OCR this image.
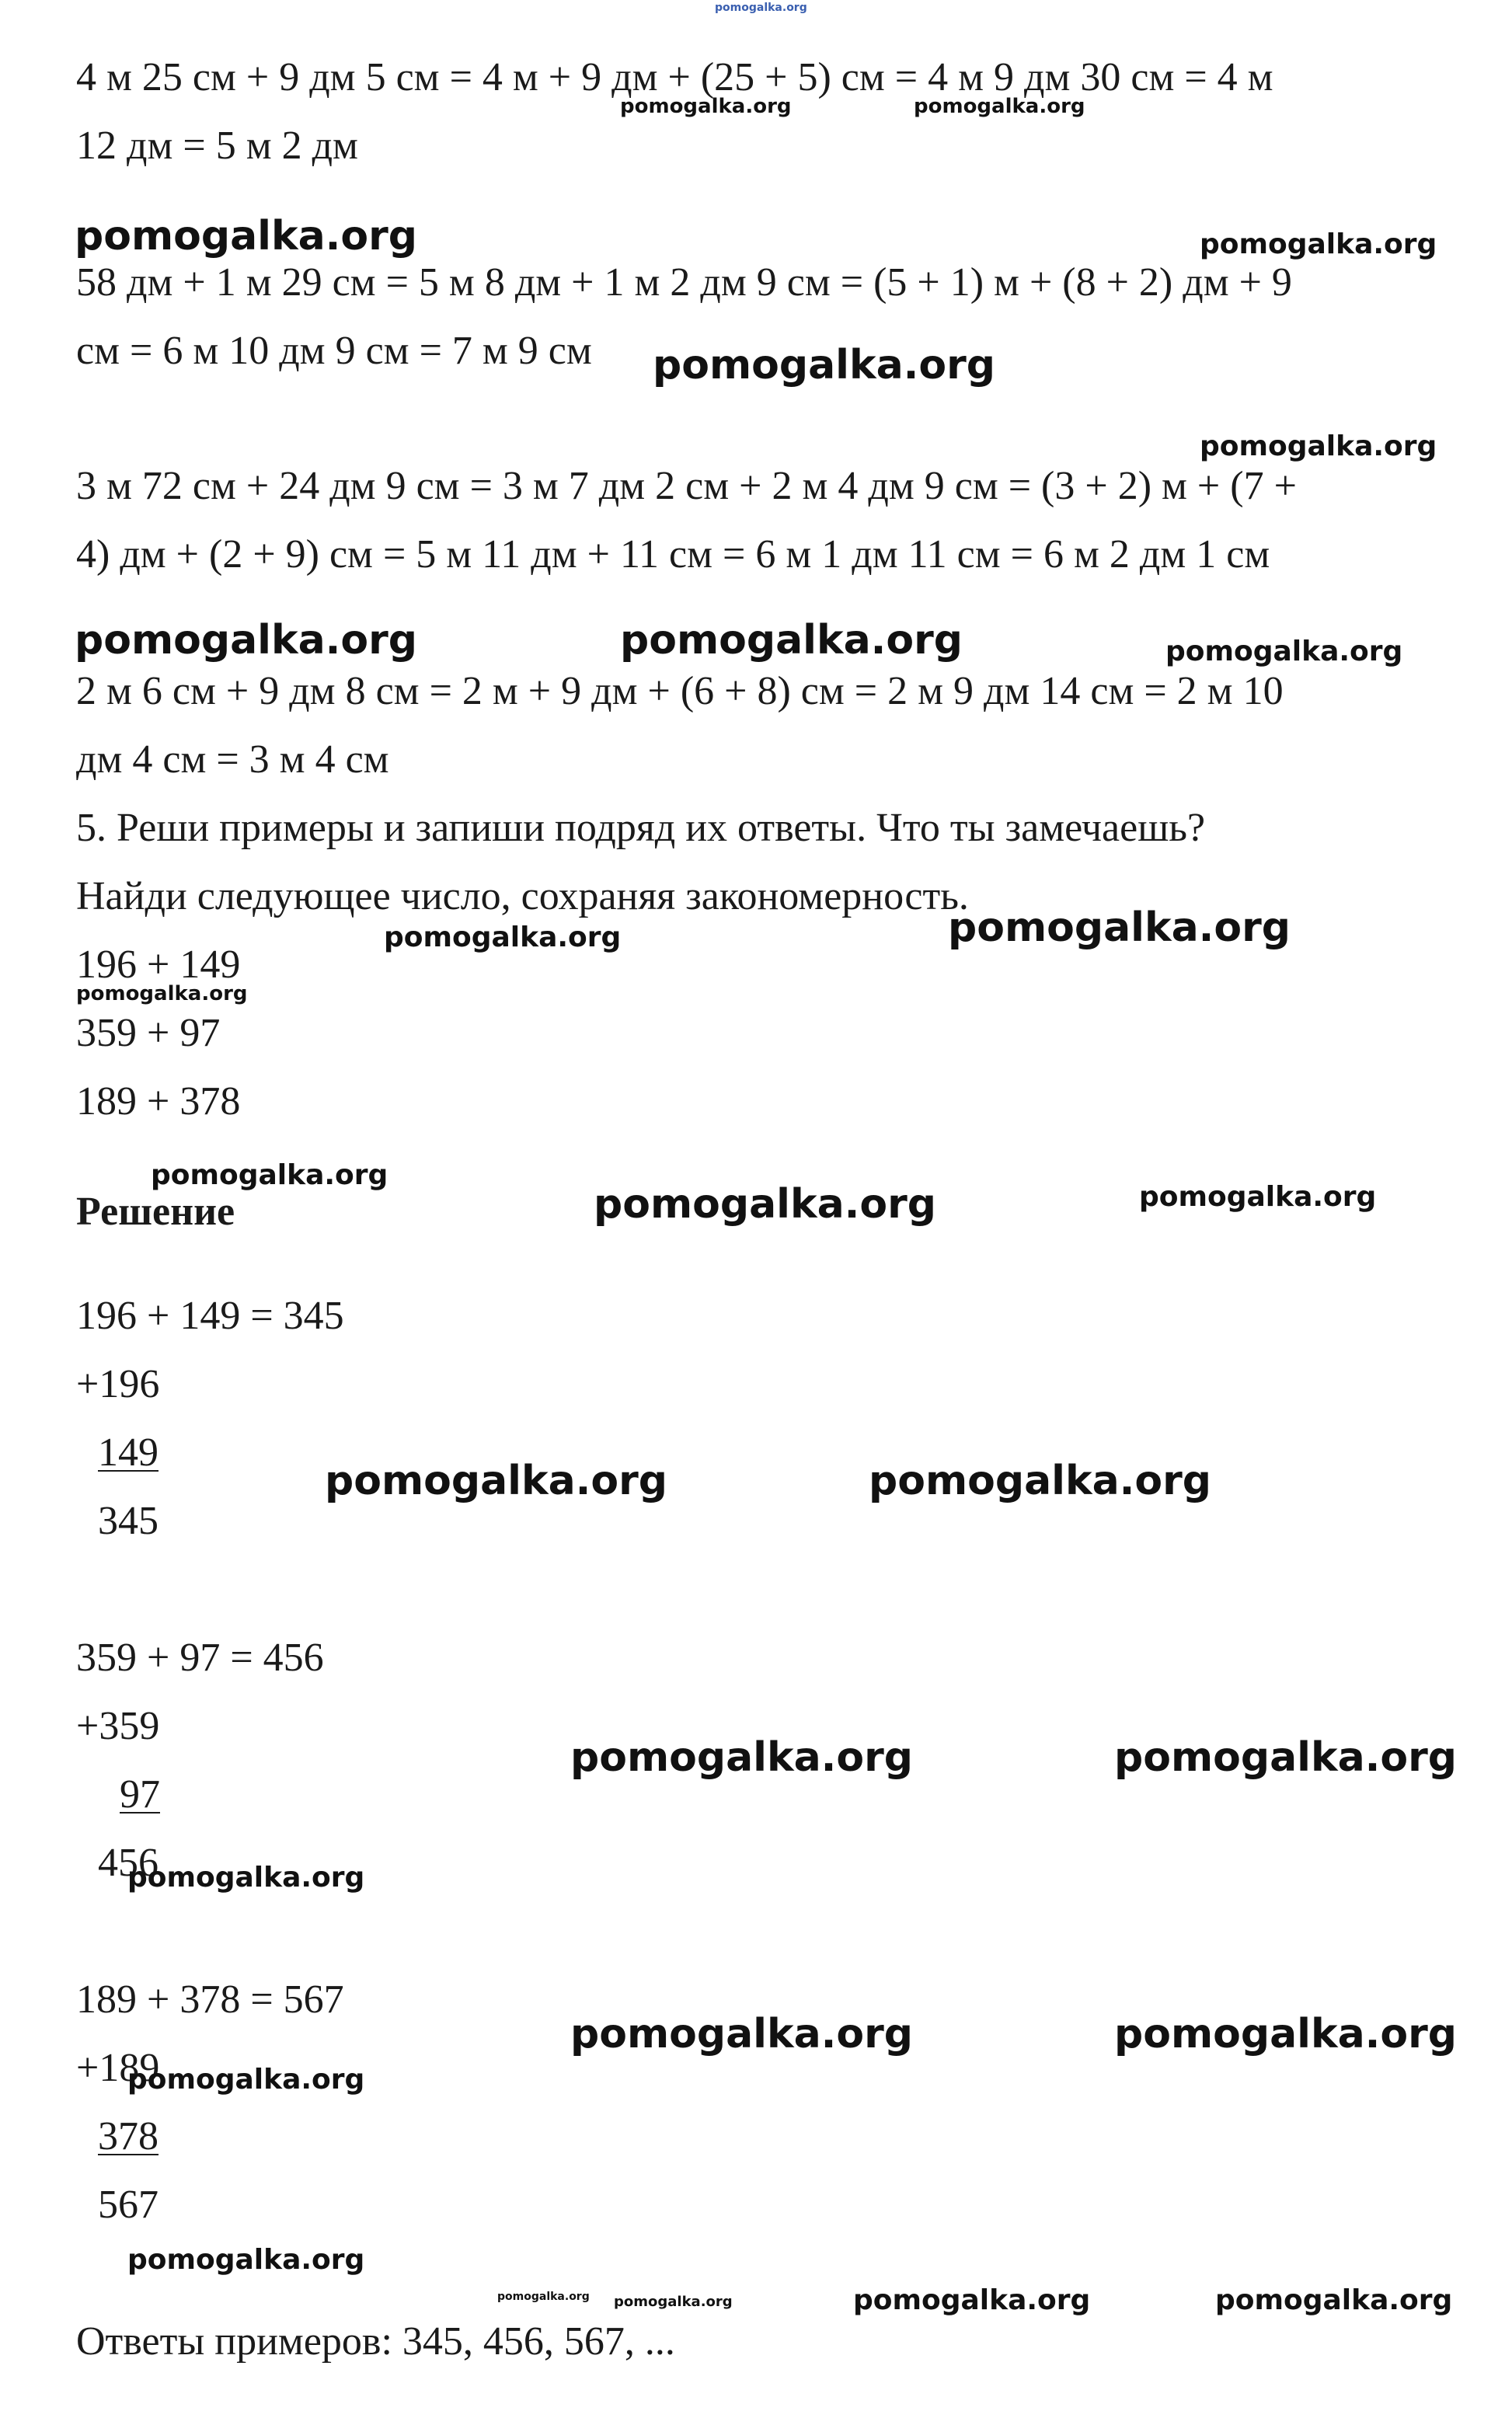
4 м 25 см + 9 дм 5 см = 4 м + 9 дм + (25 + 5) см = 4 м 9 дм 30 см = 4 м
12 дм = 5 м 2 дм
58 дм + 1 м 29 см = 5 м 8 дм + 1 м 2 дм 9 см = (5 + 1) м + (8 + 2) дм + 9
см = 6 м 10 дм 9 см = 7 м 9 см
3 м 72 см + 24 дм 9 см = 3 м 7 дм 2 см + 2 м 4 дм 9 см = (3 + 2) м + (7 +
4) дм + (2 + 9) см = 5 м 11 дм + 11 см = 6 м 1 дм 11 см = 6 м 2 дм 1 см
2 м 6 см + 9 дм 8 см = 2 м + 9 дм + (6 + 8) см = 2 м 9 дм 14 см = 2 м 10
дм 4 см = 3 м 4 см
5. Реши примеры и запиши подряд их ответы. Что ты замечаешь?
Найди следующее число, сохраняя закономерность.
196 + 149
359 + 97
189 + 378
Решение
196 + 149 = 345
+196
149
345
359 + 97 = 456
+359
97
456
189 + 378 = 567
+189
378
567
Ответы примеров: 345, 456, 567, ...
pomogalka.org
pomogalka.org	pomogalka.org
pomogalka.org	pomogalka.org
pomogalka.org
pomogalka.org
pomogalka.org	pomogalka.org	pomogalka.org
pomogalka.org	pomogalka.org
pomogalka.org
pomogalka.org
pomogalka.org	pomogalka.org
pomogalka.org	pomogalka.org
pomogalka.org	pomogalka.org
pomogalka.org
pomogalka.org	pomogalka.org
pomogalka.org
pomogalka.org
pomogalka.org pomogalka.org	pomogalka.org	pomogalka.org
